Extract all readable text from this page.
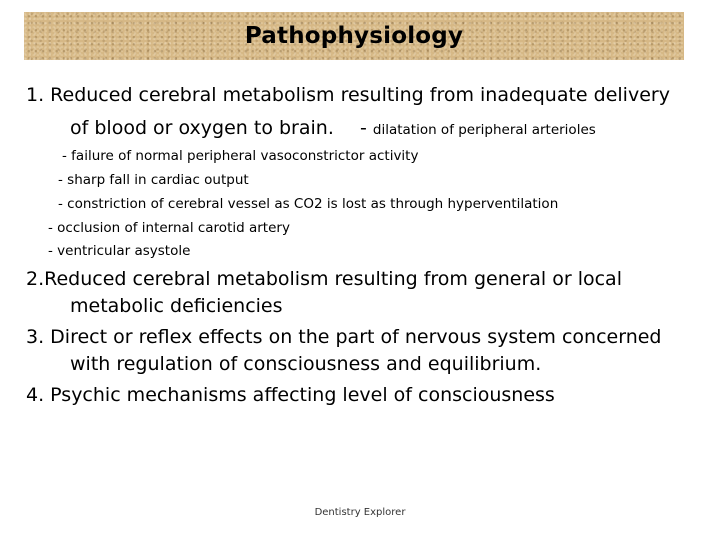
Pathophysiology
1. Reduced cerebral metabolism resulting from inadequate delivery
of blood or oxygen to brain. - dilatation of peripheral arterioles
- failure of normal peripheral vasoconstrictor activity
- sharp fall in cardiac output
- constriction of cerebral vessel as CO2 is lost as through hyperventilation
- occlusion of internal carotid artery
- ventricular asystole
2.Reduced cerebral metabolism resulting from general or local
metabolic deficiencies
3. Direct or reflex effects on the part of nervous system concerned
with regulation of consciousness and equilibrium.
4. Psychic mechanisms affecting level of consciousness
Dentistry Explorer
